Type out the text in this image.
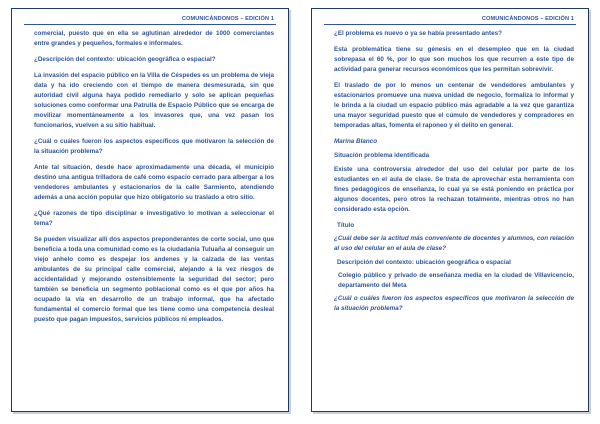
COMUNICÁNDONOS – EDICIÓN 1

comercial, puesto que en ella se aglutinan alrededor de 1000 comerciantes entre grandes y pequeños, formales e informales.

¿Descripción del contexto: ubicación geográfica o espacial?

La invasión del espacio público en la Villa de Céspedes es un problema de vieja data y ha ido creciendo con el tiempo de manera desmesurada, sin que autoridad civil alguna haya podido remediarlo y solo se aplican pequeñas soluciones como conformar una Patrulla de Espacio Público que se encarga de movilizar momentáneamente a los invasores que, una vez pasan los funcionarios, vuelven a su sitio habitual.

¿Cuál o cuáles fueron los aspectos específicos que motivaron la selección de la situación problema?

Ante tal situación, desde hace aproximadamente una década, el municipio destinó una antigua trilladora de café como espacio cerrado para albergar a los vendedores ambulantes y estacionarios de la calle Sarmiento, atendiendo además a una acción popular que hizo obligatorio su traslado a otro sitio.

¿Qué razones de tipo disciplinar e investigativo lo motivan a seleccionar el tema?

Se pueden visualizar allí dos aspectos preponderantes de corte social, uno que beneficia a toda una comunidad como es la ciudadanía Tuluaña al conseguir un viejo anhelo como es despejar los andenes y la calzada de las ventas ambulantes de su principal calle comercial, alejando a la vez riesgos de accidentalidad y mejorando ostensiblemente la seguridad del sector; pero también se beneficia un segmento poblacional como es el que por años ha ocupado la vía en desarrollo de un trabajo informal, que ha afectado fundamental el comercio formal que les tiene como una competencia desleal puesto que pagan impuestos, servicios públicos ni empleados.

COMUNICÁNDONOS – EDICIÓN 1

¿El problema es nuevo o ya se había presentado antes?

Esta problemática tiene su génesis en el desempleo que en la ciudad sobrepasa el 60 %, por lo que son muchos los que recurren a este tipo de actividad para generar recursos económicos que les permitan sobrevivir.

El traslado de por lo menos un centenar de vendedores ambulantes y estacionarios promueve una nueva unidad de negocio, formaliza lo informal y le brinda a la ciudad un espacio público más agradable a la vez que garantiza una mayor seguridad puesto que el cúmulo de vendedores y compradores en temporadas altas, fomenta el raponeo y el delito en general.

Marina Blanco

Situación problema identificada

Existe una controversia alrededor del uso del celular por parte de los estudiantes en el aula de clase. Se trata de aprovechar esta herramienta con fines pedagógicos de enseñanza, lo cual ya se está poniendo en práctica por algunos docentes, pero otros la rechazan totalmente, mientras otros no han considerado esta opción.

Título

¿Cuál debe ser la actitud más conveniente de docentes y alumnos, con relación al uso del celular en el aula de clase?

Descripción del contexto: ubicación geográfica o espacial

Colegio público y privado de enseñanza media en la ciudad de Villavicencio, departamento del Meta

¿Cuál o cuáles fueron los aspectos específicos que motivaron la selección de la situación problema?
